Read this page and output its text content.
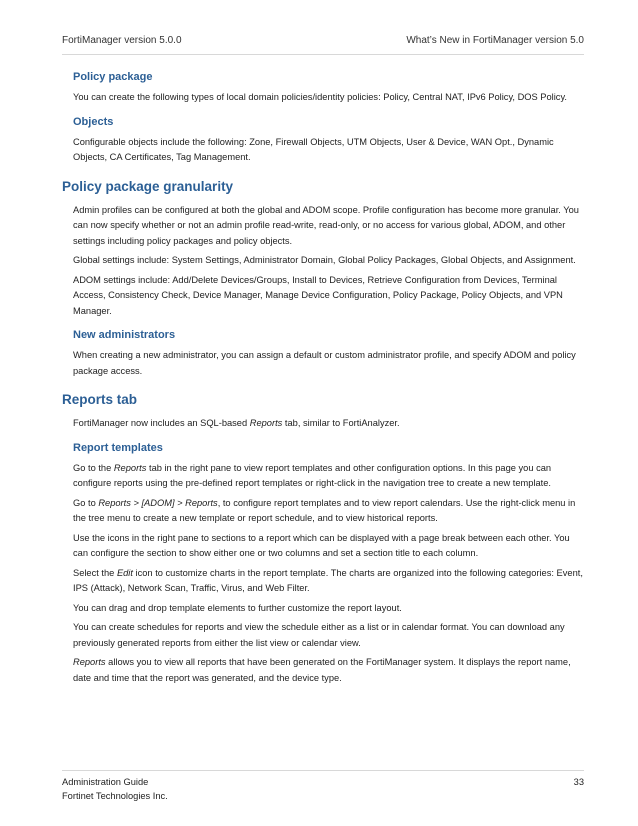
FortiManager version 5.0.0	What’s New in FortiManager version 5.0
Policy package

You can create the following types of local domain policies/identity policies: Policy, Central NAT, IPv6 Policy, DOS Policy.

Objects

Configurable objects include the following: Zone, Firewall Objects, UTM Objects, User & Device, WAN Opt., Dynamic Objects, CA Certificates, Tag Management.

Policy package granularity

Admin profiles can be configured at both the global and ADOM scope. Profile configuration has become more granular. You can now specify whether or not an admin profile read-write, read-only, or no access for various global, ADOM, and other settings including policy packages and policy objects.

Global settings include: System Settings, Administrator Domain, Global Policy Packages, Global Objects, and Assignment.

ADOM settings include: Add/Delete Devices/Groups, Install to Devices, Retrieve Configuration from Devices, Terminal Access, Consistency Check, Device Manager, Manage Device Configuration, Policy Package, Policy Objects, and VPN Manager.

New administrators

When creating a new administrator, you can assign a default or custom administrator profile, and specify ADOM and policy package access.

Reports tab

FortiManager now includes an SQL-based Reports tab, similar to FortiAnalyzer.

Report templates

Go to the Reports tab in the right pane to view report templates and other configuration options. In this page you can configure reports using the pre-defined report templates or right-click in the navigation tree to create a new template.

Go to Reports > [ADOM] > Reports, to configure report templates and to view report calendars. Use the right-click menu in the tree menu to create a new template or report schedule, and to view historical reports.

Use the icons in the right pane to sections to a report which can be displayed with a page break between each other. You can configure the section to show either one or two columns and set a section title to each column.

Select the Edit icon to customize charts in the report template. The charts are organized into the following categories: Event, IPS (Attack), Network Scan, Traffic, Virus, and Web Filter.

You can drag and drop template elements to further customize the report layout.

You can create schedules for reports and view the schedule either as a list or in calendar format. You can download any previously generated reports from either the list view or calendar view.

Reports allows you to view all reports that have been generated on the FortiManager system. It displays the report name, date and time that the report was generated, and the device type.

Administration Guide
Fortinet Technologies Inc.
33
